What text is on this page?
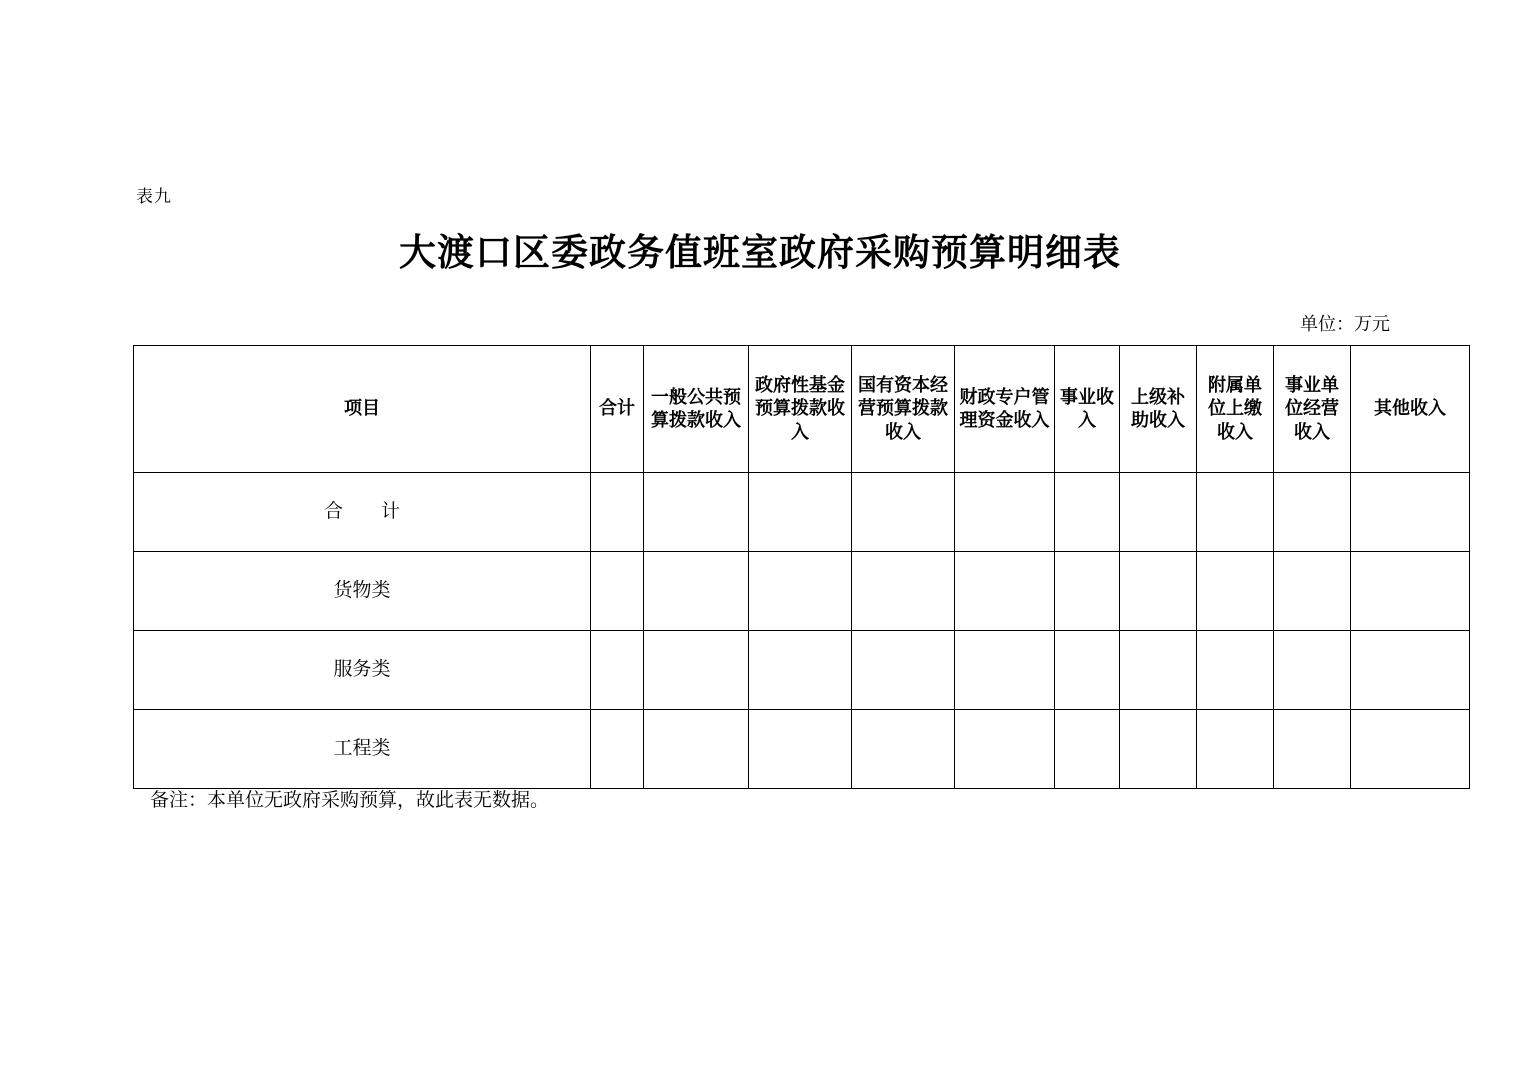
表九
大渡口区委政务值班室政府采购预算明细表
单位：万元
项目	合计	一般公共预算拨款收入	政府性基金预算拨款收入	国有资本经营预算拨款收入	财政专户管理资金收入	事业收入	上级补助收入	附属单位上缴收入	事业单位经营收入	其他收入
合　　计										
货物类										
服务类										
工程类										
备注：本单位无政府采购预算，故此表无数据。
